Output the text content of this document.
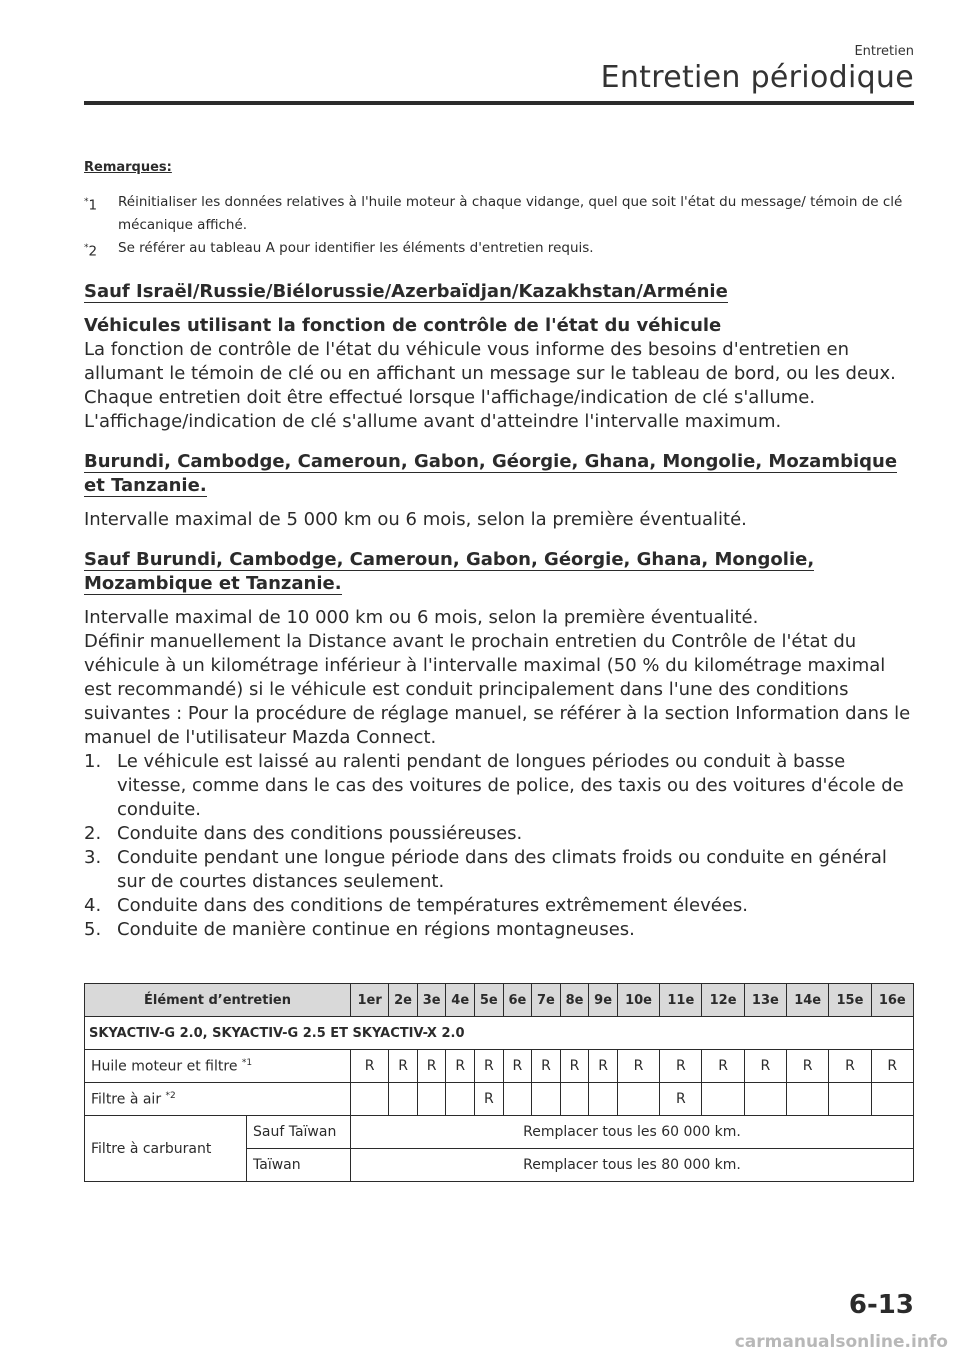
Entretien
Entretien périodique
Remarques:
*1	Réinitialiser les données relatives à l'huile moteur à chaque vidange, quel que soit l'état du message/ témoin de clé mécanique affiché.
*2	Se référer au tableau A pour identifier les éléments d'entretien requis.
Sauf Israël/Russie/Biélorussie/Azerbaïdjan/Kazakhstan/Arménie
Véhicules utilisant la fonction de contrôle de l'état du véhicule

La fonction de contrôle de l'état du véhicule vous informe des besoins d'entretien en allumant le témoin de clé ou en affichant un message sur le tableau de bord, ou les deux.

Chaque entretien doit être effectué lorsque l'affichage/indication de clé s'allume.

L'affichage/indication de clé s'allume avant d'atteindre l'intervalle maximum.

Burundi, Cambodge, Cameroun, Gabon, Géorgie, Ghana, Mongolie, Mozambique et Tanzanie.

Intervalle maximal de 5 000 km ou 6 mois, selon la première éventualité.

Sauf Burundi, Cambodge, Cameroun, Gabon, Géorgie, Ghana, Mongolie, Mozambique et Tanzanie.

Intervalle maximal de 10 000 km ou 6 mois, selon la première éventualité.

Définir manuellement la Distance avant le prochain entretien du Contrôle de l'état du véhicule à un kilométrage inférieur à l'intervalle maximal (50 % du kilométrage maximal est recommandé) si le véhicule est conduit principalement dans l'une des conditions suivantes : Pour la procédure de réglage manuel, se référer à la section Information dans le manuel de l'utilisateur Mazda Connect.

1. Le véhicule est laissé au ralenti pendant de longues périodes ou conduit à basse vitesse, comme dans le cas des voitures de police, des taxis ou des voitures d'école de conduite.
2. Conduite dans des conditions poussiéreuses.
3. Conduite pendant une longue période dans des climats froids ou conduite en général sur de courtes distances seulement.
4. Conduite dans des conditions de températures extrêmement élevées.
5. Conduite de manière continue en régions montagneuses.
Élément d’entretien		1er	2e	3e	4e	5e	6e	7e	8e	9e	10e	11e	12e	13e	14e	15e	16e
SKYACTIV-G 2.0, SKYACTIV-G 2.5 ET SKYACTIV-X 2.0																	
Huile moteur et filtre $^{*1}$		R	R	R	R	R	R	R	R	R	R	R	R	R	R	R	R
Filtre à air $^{*2}$						R						R					
Filtre à carburant	Sauf Taïwan	Remplacer tous les 60 000 km.															
	Taïwan	Remplacer tous les 80 000 km.															
6-13
carmanualsonline.info
